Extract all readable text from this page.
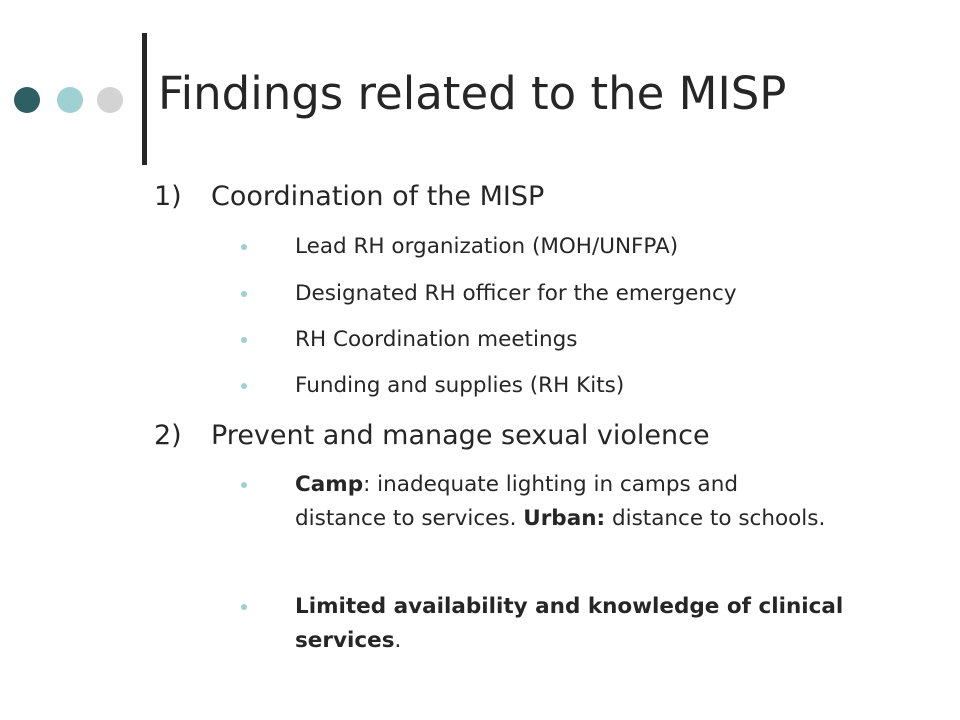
Findings related to the MISP
1) Coordination of the MISP
Lead RH organization (MOH/UNFPA)
Designated RH officer for the emergency
RH Coordination meetings
Funding and supplies (RH Kits)
2) Prevent and manage sexual violence
Camp: inadequate lighting in camps and distance to services. Urban: distance to schools.
Limited availability and knowledge of clinical services.
